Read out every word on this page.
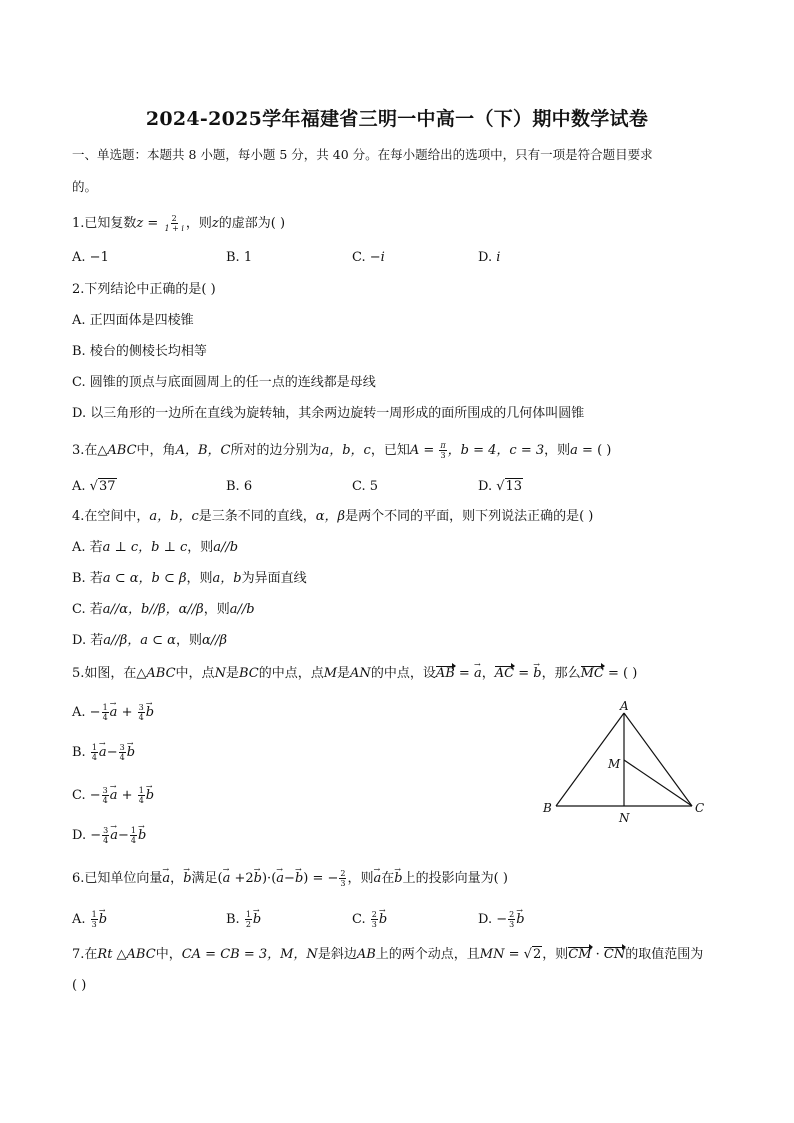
2024-2025学年福建省三明一中高一（下）期中数学试卷
一、单选题：本题共 8 小题，每小题 5 分，共 40 分。在每小题给出的选项中，只有一项是符合题目要求
的。
1.已知复数$z = \frac{2}{1 + i}$ ，则z的虚部为( )
A. −1	B. 1	C. −i	D. i
2.下列结论中正确的是( )
A. 正四面体是四棱锥
B. 棱台的侧棱长均相等
C. 圆锥的顶点与底面圆周上的任一点的连线都是母线
D. 以三角形的一边所在直线为旋转轴，其余两边旋转一周形成的面所围成的几何体叫圆锥
3.在△ABC中，角A，B，C所对的边分别为a，b，c，已知$A = \frac{\pi}{3}$ ，b = 4，c = 3，则a = ( )
A. √37	B. 6	C. 5	D. √13
4.在空间中，a，b，c是三条不同的直线，α，β是两个不同的平面，则下列说法正确的是( )
A. 若a ⊥ c，b ⊥ c，则a//b
B. 若a ⊂ α，b ⊂ β，则a，b为异面直线
C. 若a//α，b//β，α//β，则a//b
D. 若a//β，a ⊂ α，则α//β
5.如图，在△ABC中，点N是BC的中点，点M是AN的中点，设AB = → a，AC = → b，那么MC = ( )
A. − $\frac{1}{4}$
→ $a + \frac{3}{4}$
→ b
B. $\frac{1}{4}$
→ $a- \frac{3}{4}$
→ b
C. − $\frac{3}{4}$
→ $a + \frac{1}{4}$
→ b
D. − $\frac{3}{4}$
→ $a- \frac{1}{4}$
→ b
A
B	C
M
N
6.已知单位向量→ a，→ b满足(→ a +2→ b)·(→ a−→ b) = − $\frac{2}{3}$ ，则→ a在→ b上的投影向量为( )
A. $\frac{1}{3}$
→ b	B. $\frac{1}{2}$
→ b	C. $\frac{2}{3}$
→ b	D. − $\frac{2}{3}$
→ b
7.在Rt △ABC中，CA = CB = 3，M，N是斜边AB上的两个动点，且MN = √2，则CM · CN的取值范围为
( )
